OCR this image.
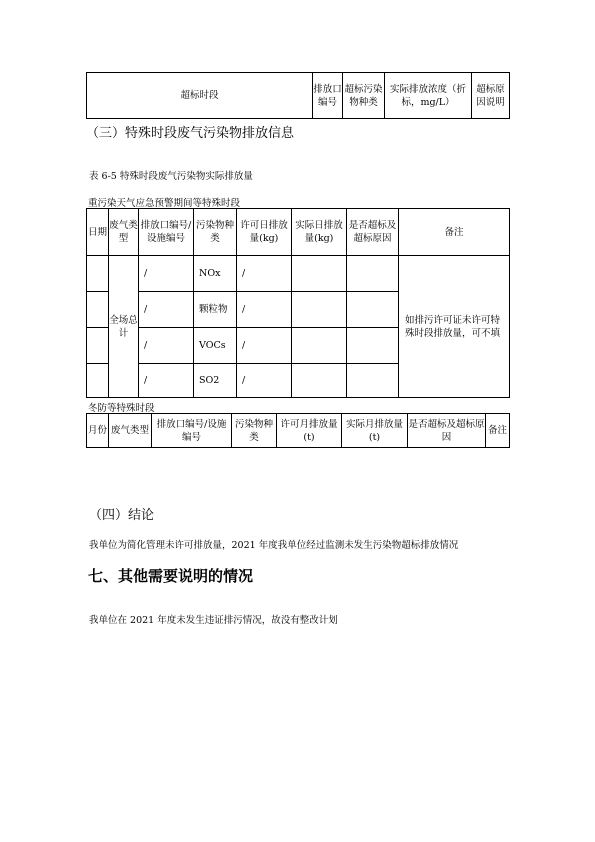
超标时段	排放口编号	超标污染物种类	实际排放浓度（折标，mg/L）	超标原因说明
（三）特殊时段废气污染物排放信息
表 6-5 特殊时段废气污染物实际排放量
重污染天气应急预警期间等特殊时段
日期	废气类型	排放口编号/设施编号	污染物种类	许可日排放量(kg)	实际日排放量(kg)	是否超标及超标原因	备注
	全场总计	/	NOx	/			如排污许可证未许可特殊时段排放量，可不填
		/	颗粒物	/			
		/	VOCs	/			
		/	SO2	/			
冬防等特殊时段
月份	废气类型	排放口编号/设施编号	污染物种类	许可月排放量(t)	实际月排放量(t)	是否超标及超标原因	备注
（四）结论
我单位为简化管理未许可排放量，2021 年度我单位经过监测未发生污染物超标排放情况
七、其他需要说明的情况
我单位在 2021 年度未发生违证排污情况，故没有整改计划
